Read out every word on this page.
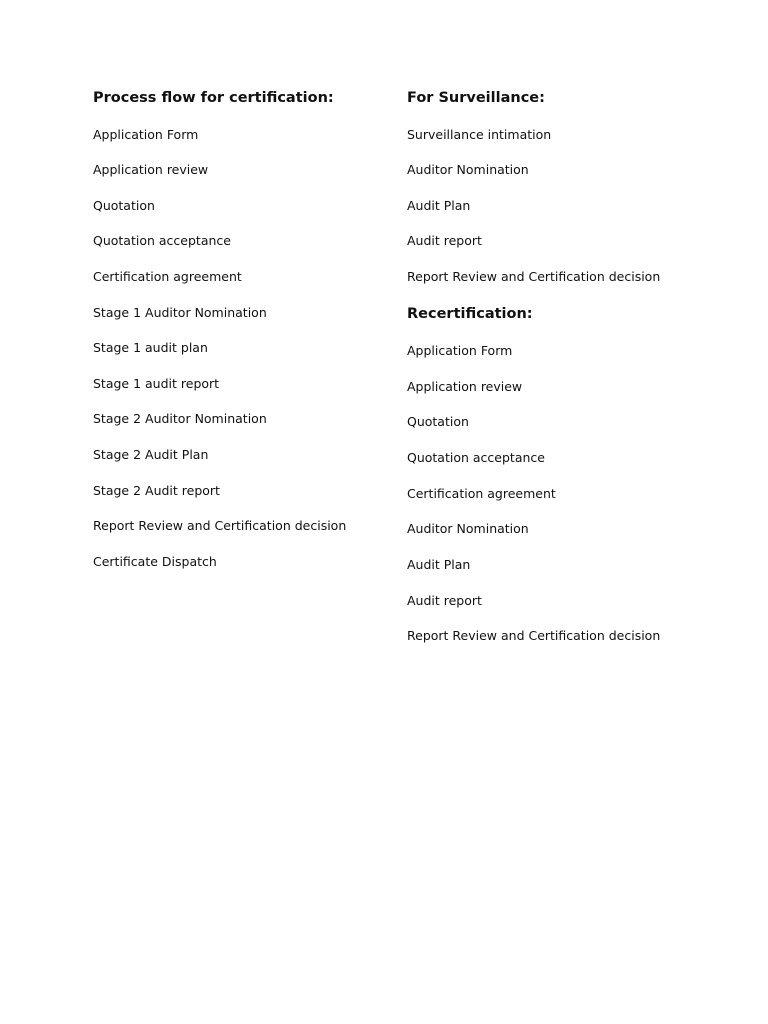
Process flow for certification:
Application Form
Application review
Quotation
Quotation acceptance
Certification agreement
Stage 1 Auditor Nomination
Stage 1 audit plan
Stage 1 audit report
Stage 2 Auditor Nomination
Stage 2 Audit Plan
Stage 2 Audit report
Report Review and Certification decision
Certificate Dispatch
For Surveillance:
Surveillance intimation
Auditor Nomination
Audit Plan
Audit report
Report Review and Certification decision
Recertification:
Application Form
Application review
Quotation
Quotation acceptance
Certification agreement
Auditor Nomination
Audit Plan
Audit report
Report Review and Certification decision
